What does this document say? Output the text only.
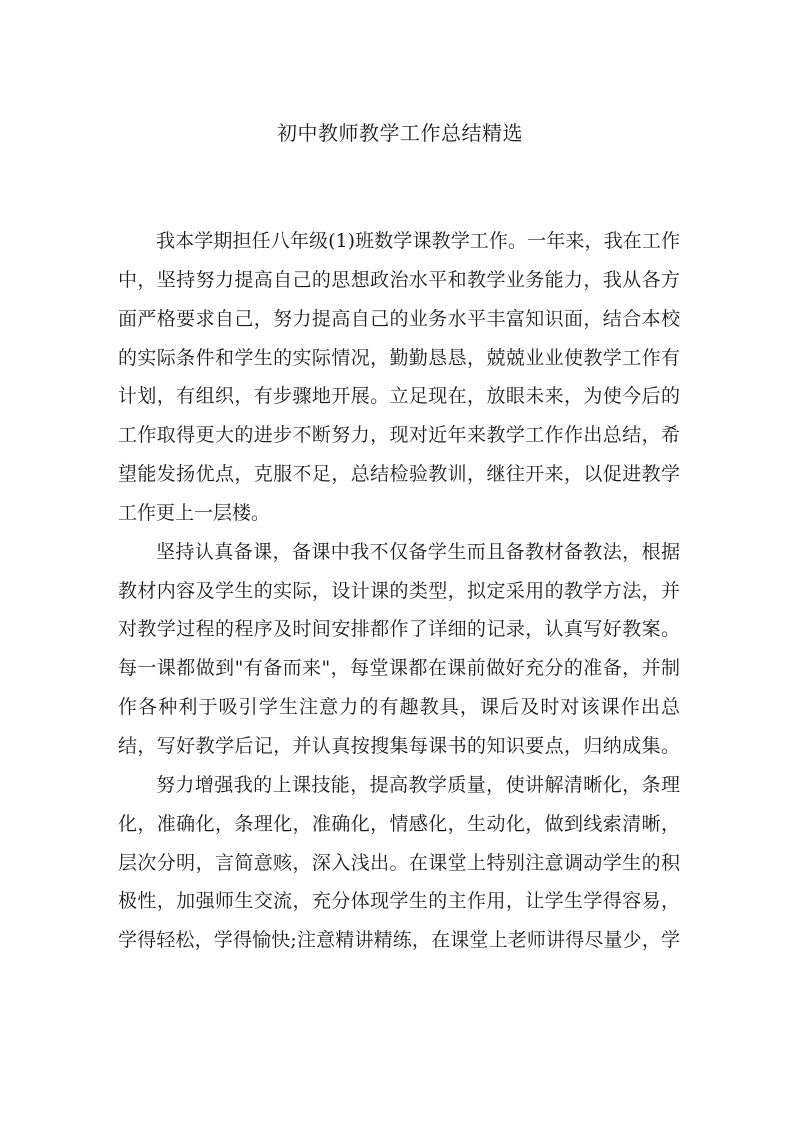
初中教师教学工作总结精选
我本学期担任八年级(1)班数学课教学工作。一年来，我在工作
中，坚持努力提高自己的思想政治水平和教学业务能力，我从各方
面严格要求自己，努力提高自己的业务水平丰富知识面，结合本校
的实际条件和学生的实际情况，勤勤恳恳，兢兢业业使教学工作有
计划，有组织，有步骤地开展。立足现在，放眼未来，为使今后的
工作取得更大的进步不断努力，现对近年来教学工作作出总结，希
望能发扬优点，克服不足，总结检验教训，继往开来，以促进教学
工作更上一层楼。
坚持认真备课，备课中我不仅备学生而且备教材备教法，根据
教材内容及学生的实际，设计课的类型，拟定采用的教学方法，并
对教学过程的程序及时间安排都作了详细的记录，认真写好教案。
每一课都做到"有备而来"，每堂课都在课前做好充分的准备，并制
作各种利于吸引学生注意力的有趣教具，课后及时对该课作出总
结，写好教学后记，并认真按搜集每课书的知识要点，归纳成集。
努力增强我的上课技能，提高教学质量，使讲解清晰化，条理
化，准确化，条理化，准确化，情感化，生动化，做到线索清晰，
层次分明，言简意赅，深入浅出。在课堂上特别注意调动学生的积
极性，加强师生交流，充分体现学生的主作用，让学生学得容易，
学得轻松，学得愉快;注意精讲精练，在课堂上老师讲得尽量少，学
